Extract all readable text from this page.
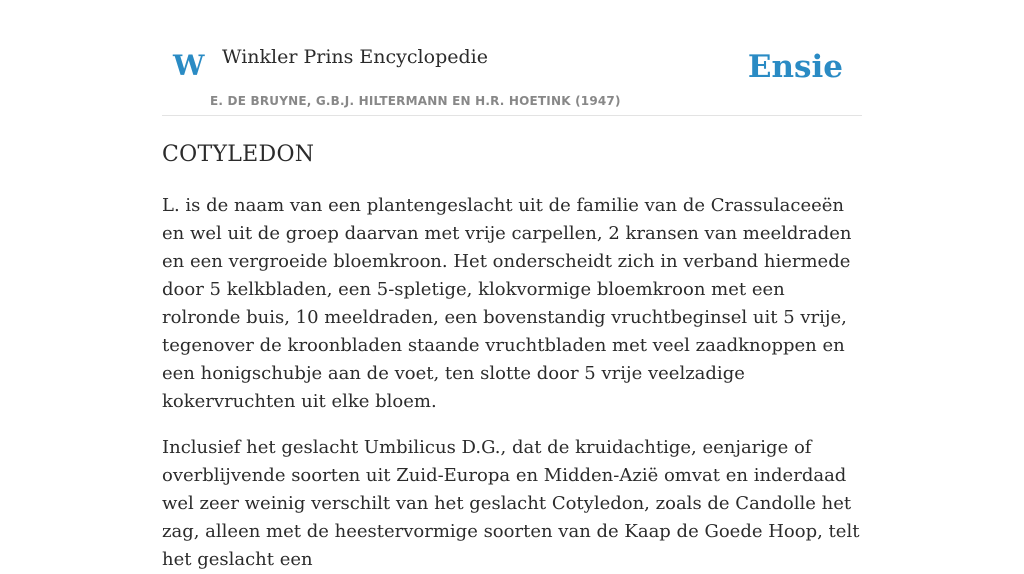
W Winkler Prins Encyclopedie
E. DE BRUYNE, G.B.J. HILTERMANN EN H.R. HOETINK (1947)
Ensie
COTYLEDON

L. is de naam van een plantengeslacht uit de familie van de Crassulaceeën en wel uit de groep daarvan met vrije carpellen, 2 kransen van meeldraden en een vergroeide bloemkroon. Het onderscheidt zich in verband hiermede door 5 kelkbladen, een 5-spletige, klokvormige bloemkroon met een rolronde buis, 10 meeldraden, een bovenstandig vruchtbeginsel uit 5 vrije, tegenover de kroonbladen staande vruchtbladen met veel zaadknoppen en een honigschubje aan de voet, ten slotte door 5 vrije veelzadige kokervruchten uit elke bloem.

Inclusief het geslacht Umbilicus D.G., dat de kruidachtige, eenjarige of overblijvende soorten uit Zuid-Europa en Midden-Azië omvat en inderdaad wel zeer weinig verschilt van het geslacht Cotyledon, zoals de Candolle het zag, alleen met de heestervormige soorten van de Kaap de Goede Hoop, telt het geslacht een
